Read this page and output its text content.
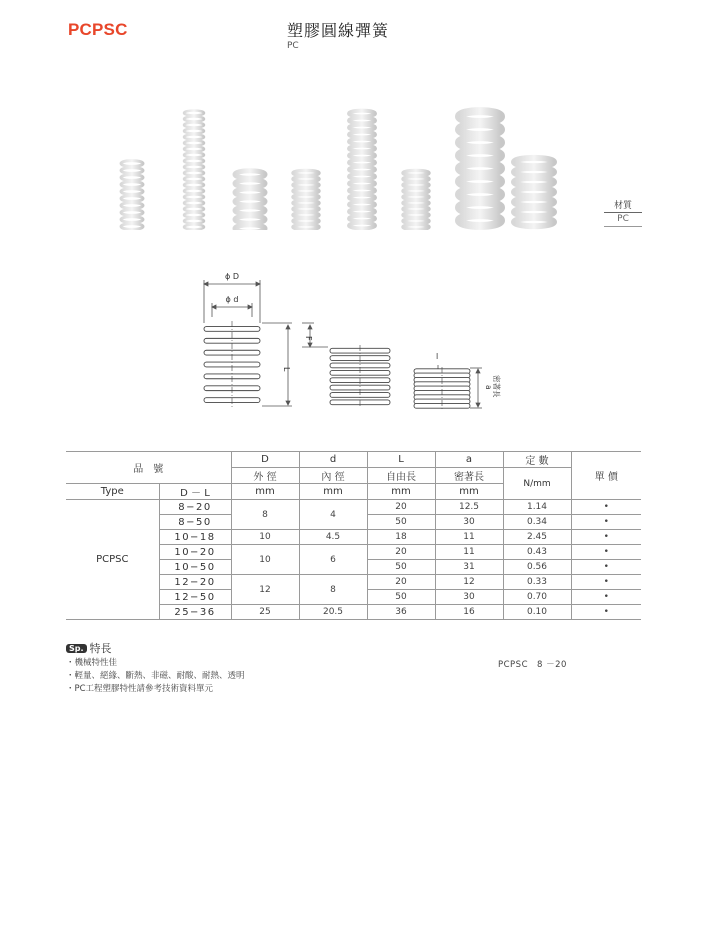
PCPSC	塑膠圓線彈簧
PC
材質
PC
ϕ D
ϕ d
L
F
l
a 密著長
品　號		D	d	L	a	定 數	單 價
		外 徑	內 徑	自由長	密著長	N/mm	
Type	D － L	mm	mm	mm	mm		
PCPSC	8−20	8	4	20	12.5	1.14	•
	8−50			50	30	0.34	•
	10−18	10	4.5	18	11	2.45	•
	10−20	10	6	20	11	0.43	•
	10−50			50	31	0.56	•
	12−20	12	8	20	12	0.33	•
	12−50			50	30	0.70	•
	25−36	25	20.5	36	16	0.10	•
Sp. 特長
・機械特性佳
・輕量、絕緣、斷熱、非磁、耐酸、耐熱、透明
・PC工程塑膠特性請參考技術資料單元
PCPSC　8 －20
